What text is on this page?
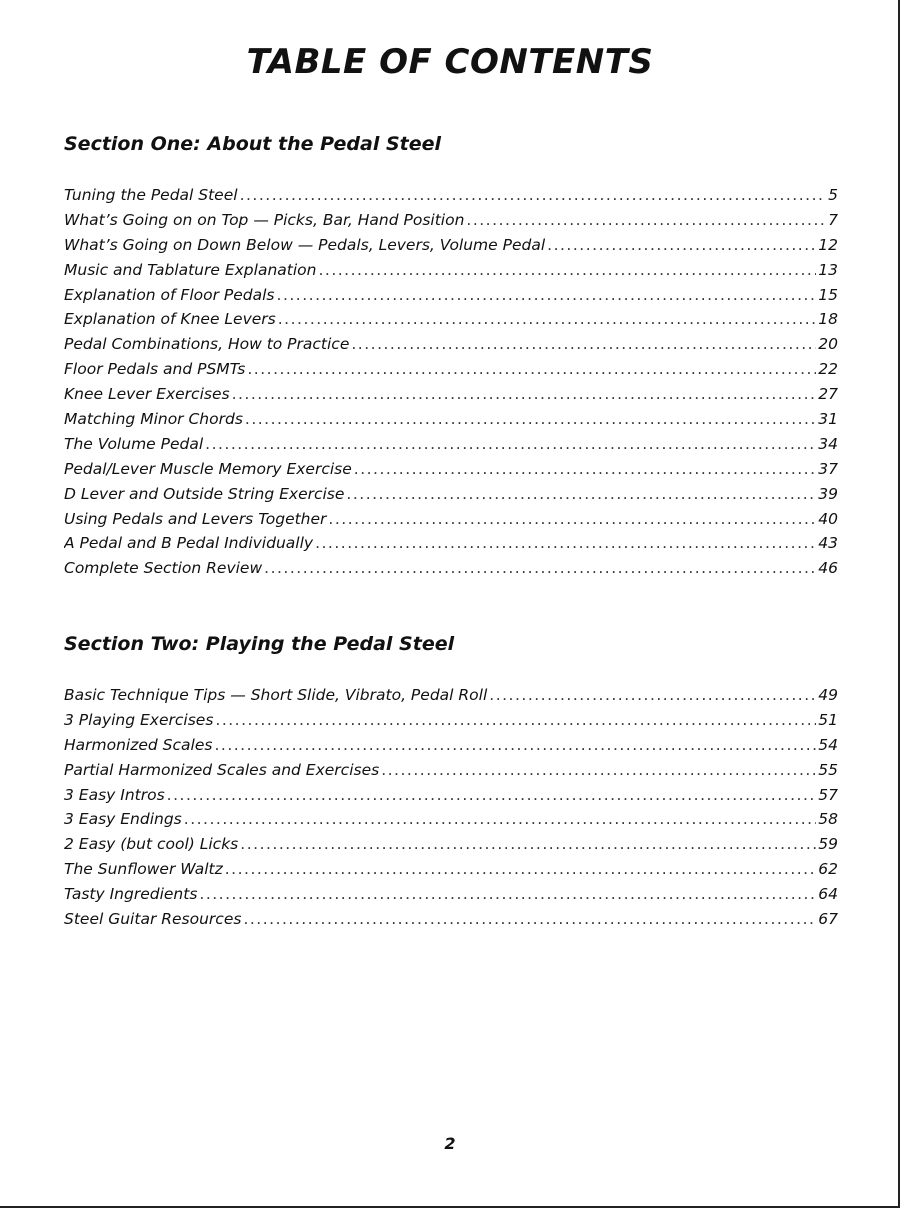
TABLE OF CONTENTS
Section One: About the Pedal Steel
Tuning the Pedal Steel .....	5
What’s Going on on Top — Picks, Bar, Hand Position .....	7
What’s Going on Down Below — Pedals, Levers, Volume Pedal .....	12
Music and Tablature Explanation .....	13
Explanation of Floor Pedals .....	15
Explanation of Knee Levers .....	18
Pedal Combinations, How to Practice .....	20
Floor Pedals and PSMTs .....	22
Knee Lever Exercises .....	27
Matching Minor Chords .....	31
The Volume Pedal .....	34
Pedal/Lever Muscle Memory Exercise .....	37
D Lever and Outside String Exercise .....	39
Using Pedals and Levers Together .....	40
A Pedal and B Pedal Individually .....	43
Complete Section Review .....	46
Section Two: Playing the Pedal Steel
Basic Technique Tips — Short Slide, Vibrato, Pedal Roll .....	49
3 Playing Exercises .....	51
Harmonized Scales .....	54
Partial Harmonized Scales and Exercises .....	55
3 Easy Intros .....	57
3 Easy Endings .....	58
2 Easy (but cool) Licks .....	59
The Sunflower Waltz .....	62
Tasty Ingredients .....	64
Steel Guitar Resources .....	67
2
